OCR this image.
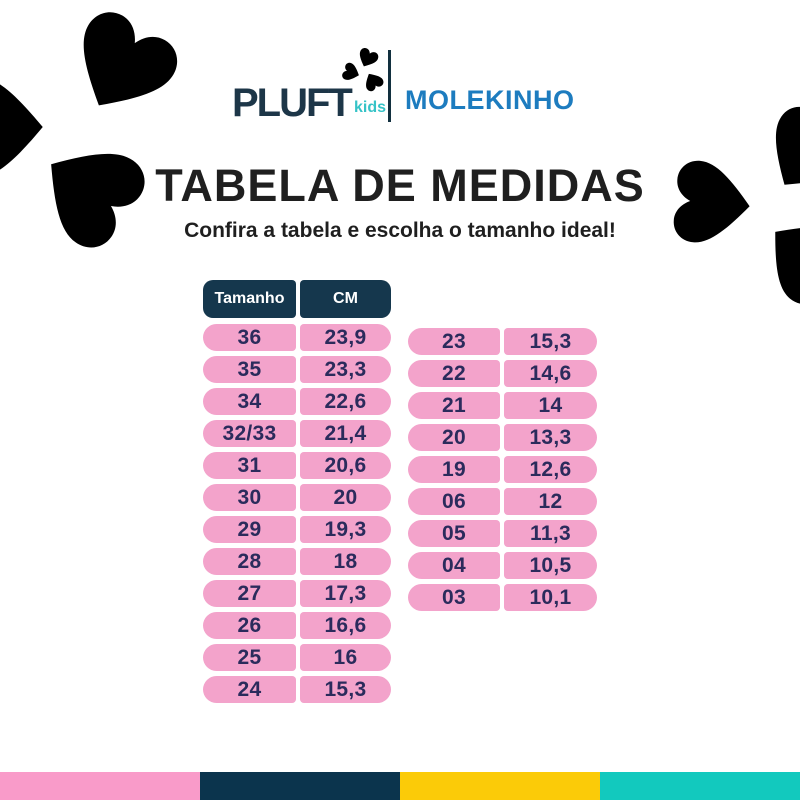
PLUFT kids MOLEKINHO
TABELA DE MEDIDAS

Confira a tabela e escolha o tamanho ideal!

Tamanho	CM
36	23,9
35	23,3
34	22,6
32/33	21,4
31	20,6
30	20
29	19,3
28	18
27	17,3
26	16,6
25	16
24	15,3
23	15,3
22	14,6
21	14
20	13,3
19	12,6
06	12
05	11,3
04	10,5
03	10,1
